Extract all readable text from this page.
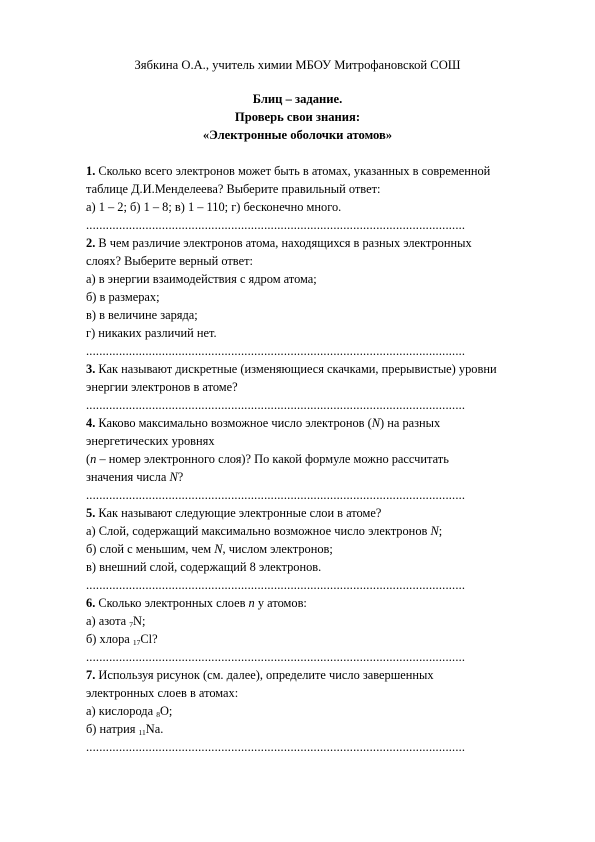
Зябкина О.А., учитель химии МБОУ Митрофановской СОШ
Блиц – задание.
Проверь свои знания:
«Электронные оболочки атомов»
1. Сколько всего электронов может быть в атомах, указанных в современной
таблице Д.И.Менделеева? Выберите правильный ответ:
а) 1 – 2; б) 1 – 8; в) 1 – 110; г) бесконечно много.
...................................................................................................................
2. В чем различие электронов атома, находящихся в разных электронных
слоях? Выберите верный ответ:
а) в энергии взаимодействия с ядром атома;
б) в размерах;
в) в величине заряда;
г) никаких различий нет.
...................................................................................................................
3. Как называют дискретные (изменяющиеся скачками, прерывистые) уровни
энергии электронов в атоме?
...................................................................................................................
4. Каково максимально возможное число электронов (N) на разных
энергетических уровнях
(n – номер электронного слоя)? По какой формуле можно рассчитать
значения числа N?
...................................................................................................................
5. Как называют следующие электронные слои в атоме?
а) Слой, содержащий максимально возможное число электронов N;
б) слой с меньшим, чем N, числом электронов;
в) внешний слой, содержащий 8 электронов.
...................................................................................................................
6. Сколько электронных слоев n у атомов:
а) азота $_7$N;
б) хлора $_{17}$Cl?
...................................................................................................................
7. Используя рисунок (см. далее), определите число завершенных
электронных слоев в атомах:
а) кислорода $_8$O;
б) натрия $_{11}$Na.
...................................................................................................................
